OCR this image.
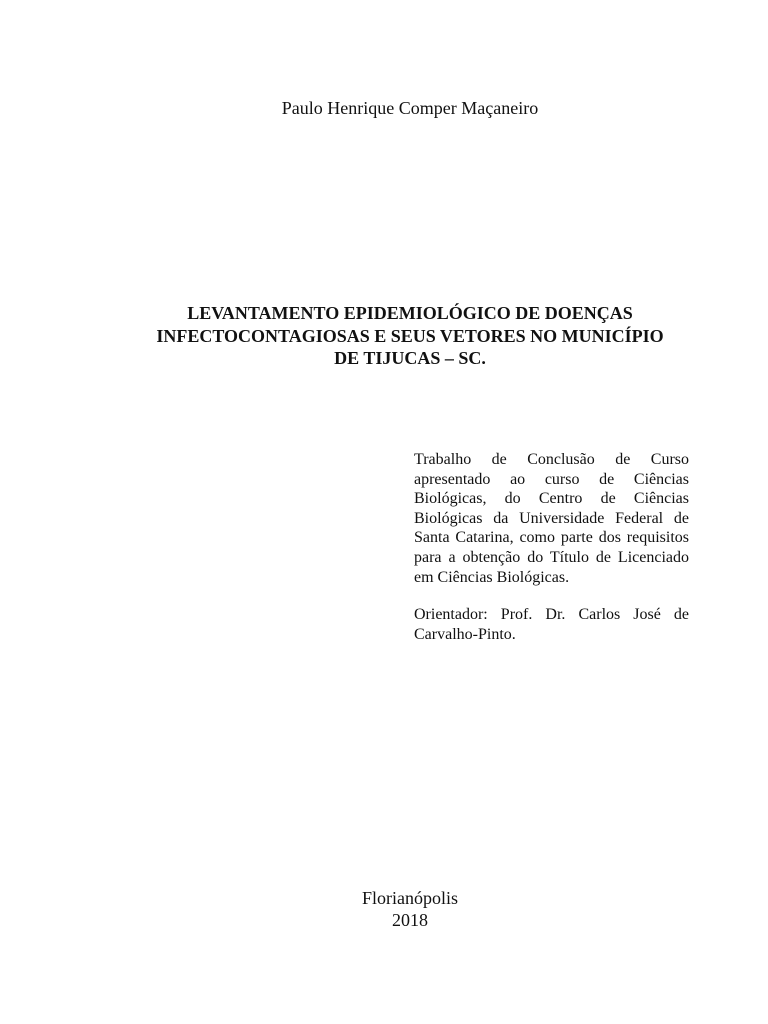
Paulo Henrique Comper Maçaneiro
LEVANTAMENTO EPIDEMIOLÓGICO DE DOENÇAS
INFECTOCONTAGIOSAS E SEUS VETORES NO MUNICÍPIO
DE TIJUCAS – SC.

Trabalho de Conclusão de Curso apresentado ao curso de Ciências Biológicas, do Centro de Ciências Biológicas da Universidade Federal de Santa Catarina, como parte dos requisitos para a obtenção do Título de Licenciado em Ciências Biológicas.

Orientador: Prof. Dr. Carlos José de Carvalho-Pinto.

Florianópolis
2018
